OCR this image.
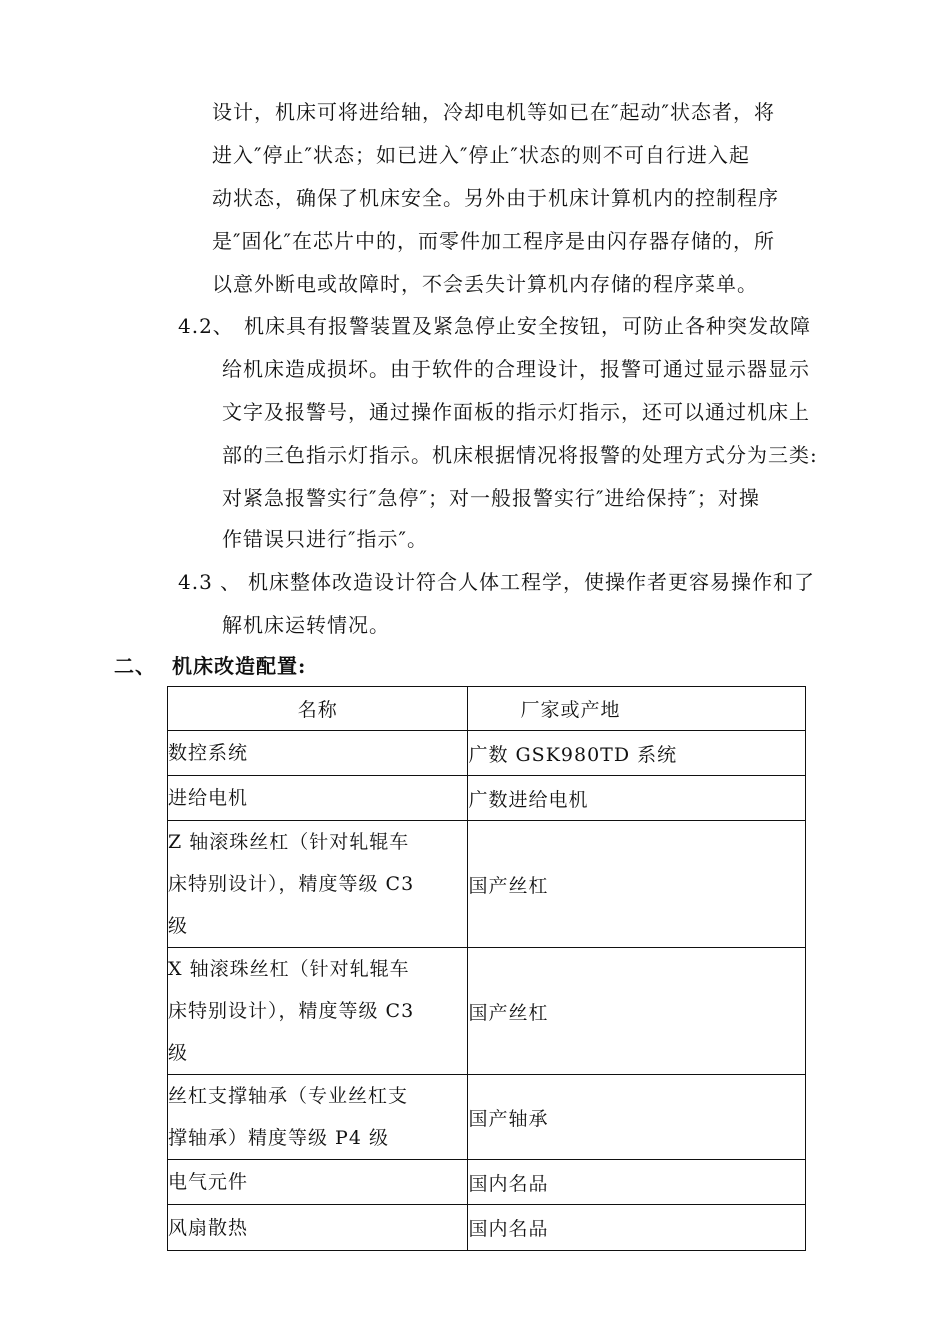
设计，机床可将进给轴，冷却电机等如已在″起动″状态者，将
进入″停止″状态；如已进入″停止″状态的则不可自行进入起
动状态，确保了机床安全。另外由于机床计算机内的控制程序
是″固化″在芯片中的，而零件加工程序是由闪存器存储的，所
以意外断电或故障时，不会丢失计算机内存储的程序菜单。
4.2、 机床具有报警装置及紧急停止安全按钮，可防止各种突发故障
给机床造成损坏。由于软件的合理设计，报警可通过显示器显示
文字及报警号，通过操作面板的指示灯指示，还可以通过机床上
部的三色指示灯指示。机床根据情况将报警的处理方式分为三类:
对紧急报警实行″急停″；对一般报警实行″进给保持″；对操
作错误只进行″指示″。
4.3 、 机床整体改造设计符合人体工程学，使操作者更容易操作和了
解机床运转情况。
二、 机床改造配置:
名称	厂家或产地

数控系统	广数 GSK980TD 系统

进给电机	广数进给电机

Z 轴滚珠丝杠（针对轧辊车
床特别设计），精度等级 C3
级	国产丝杠

X 轴滚珠丝杠（针对轧辊车
床特别设计），精度等级 C3
级	国产丝杠

丝杠支撑轴承（专业丝杠支
撑轴承）精度等级 P4 级	国产轴承

电气元件	国内名品

风扇散热	国内名品
